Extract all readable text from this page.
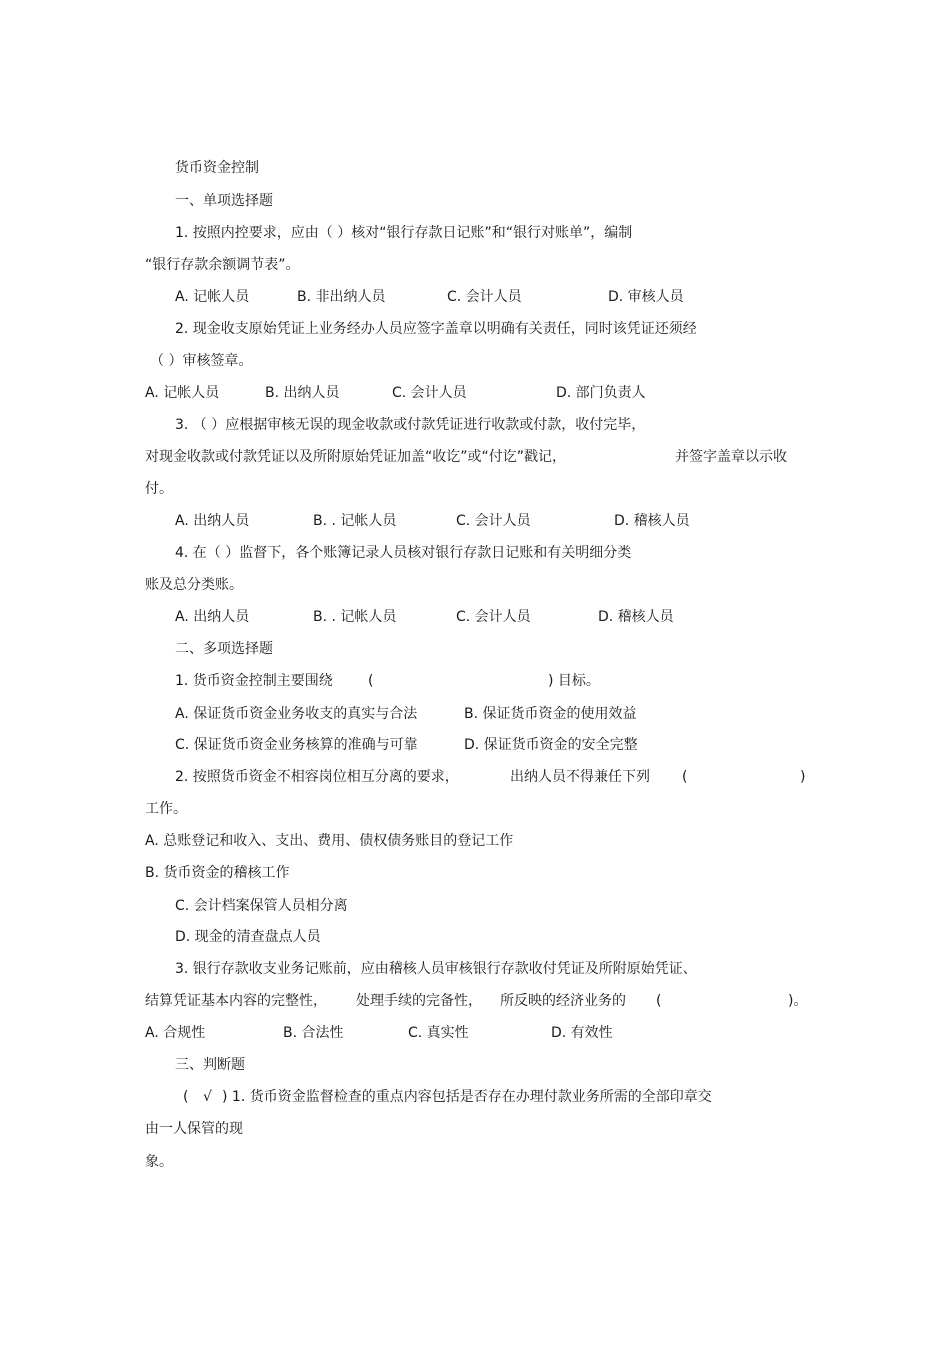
货币资金控制
一、单项选择题
1. 按照内控要求，应由（ ）核对“银行存款日记账”和“银行对账单”，编制
“银行存款余额调节表”。
A. 记帐人员	B. 非出纳人员	C. 会计人员	D. 审核人员
2. 现金收支原始凭证上业务经办人员应签字盖章以明确有关责任，同时该凭证还须经
（ ）审核签章。
A. 记帐人员	B. 出纳人员	C. 会计人员	D. 部门负责人
3. （ ）应根据审核无误的现金收款或付款凭证进行收款或付款，收付完毕，
对现金收款或付款凭证以及所附原始凭证加盖“收讫”或“付讫”戳记，	并签字盖章以示收
付。
A. 出纳人员	B. . 记帐人员	C. 会计人员	D. 稽核人员
4. 在（ ）监督下，各个账簿记录人员核对银行存款日记账和有关明细分类
账及总分类账。
A. 出纳人员	B. . 记帐人员	C. 会计人员	D. 稽核人员
二、多项选择题
1. 货币资金控制主要围绕	(	) 目标。
A. 保证货币资金业务收支的真实与合法	B. 保证货币资金的使用效益
C. 保证货币资金业务核算的准确与可靠	D. 保证货币资金的安全完整
2. 按照货币资金不相容岗位相互分离的要求，	出纳人员不得兼任下列 (	)
工作。
A. 总账登记和收入、支出、费用、债权债务账目的登记工作
B. 货币资金的稽核工作
C. 会计档案保管人员相分离
D. 现金的清查盘点人员
3. 银行存款收支业务记账前，应由稽核人员审核银行存款收付凭证及所附原始凭证、
结算凭证基本内容的完整性， 处理手续的完备性， 所反映的经济业务的 (	)。
A. 合规性	B. 合法性	C. 真实性	D. 有效性
三、判断题
( √ ) 1. 货币资金监督检查的重点内容包括是否存在办理付款业务所需的全部印章交
由一人保管的现
象。
